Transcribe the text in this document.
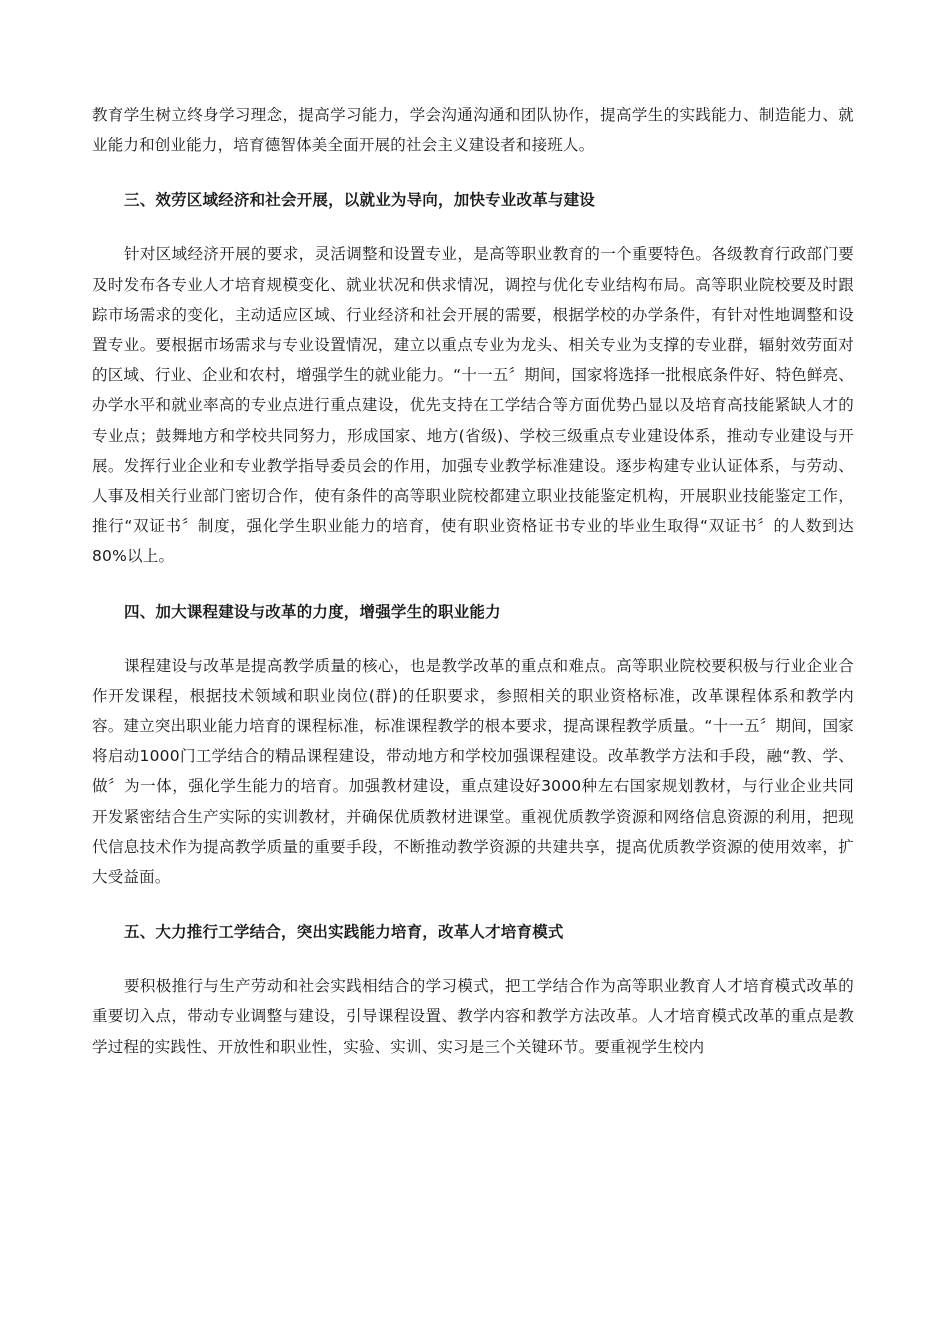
教育学生树立终身学习理念，提高学习能力，学会沟通沟通和团队协作，提高学生的实践能力、制造能力、就业能力和创业能力，培育德智体美全面开展的社会主义建设者和接班人。

三、效劳区域经济和社会开展，以就业为导向，加快专业改革与建设

针对区域经济开展的要求，灵活调整和设置专业，是高等职业教育的一个重要特色。各级教育行政部门要及时发布各专业人才培育规模变化、就业状况和供求情况，调控与优化专业结构布局。高等职业院校要及时跟踪市场需求的变化，主动适应区域、行业经济和社会开展的需要，根据学校的办学条件，有针对性地调整和设置专业。要根据市场需求与专业设置情况，建立以重点专业为龙头、相关专业为支撑的专业群，辐射效劳面对的区域、行业、企业和农村，增强学生的就业能力。“十一五〞期间，国家将选择一批根底条件好、特色鲜亮、办学水平和就业率高的专业点进行重点建设，优先支持在工学结合等方面优势凸显以及培育高技能紧缺人才的专业点；鼓舞地方和学校共同努力，形成国家、地方(省级)、学校三级重点专业建设体系，推动专业建设与开展。发挥行业企业和专业教学指导委员会的作用，加强专业教学标准建设。逐步构建专业认证体系，与劳动、人事及相关行业部门密切合作，使有条件的高等职业院校都建立职业技能鉴定机构，开展职业技能鉴定工作，推行“双证书〞制度，强化学生职业能力的培育，使有职业资格证书专业的毕业生取得“双证书〞的人数到达80%以上。

四、加大课程建设与改革的力度，增强学生的职业能力

课程建设与改革是提高教学质量的核心，也是教学改革的重点和难点。高等职业院校要积极与行业企业合作开发课程，根据技术领域和职业岗位(群)的任职要求，参照相关的职业资格标准，改革课程体系和教学内容。建立突出职业能力培育的课程标准，标准课程教学的根本要求，提高课程教学质量。“十一五〞期间，国家将启动1000门工学结合的精品课程建设，带动地方和学校加强课程建设。改革教学方法和手段，融“教、学、做〞为一体，强化学生能力的培育。加强教材建设，重点建设好3000种左右国家规划教材，与行业企业共同开发紧密结合生产实际的实训教材，并确保优质教材进课堂。重视优质教学资源和网络信息资源的利用，把现代信息技术作为提高教学质量的重要手段，不断推动教学资源的共建共享，提高优质教学资源的使用效率，扩大受益面。

五、大力推行工学结合，突出实践能力培育，改革人才培育模式

要积极推行与生产劳动和社会实践相结合的学习模式，把工学结合作为高等职业教育人才培育模式改革的重要切入点，带动专业调整与建设，引导课程设置、教学内容和教学方法改革。人才培育模式改革的重点是教学过程的实践性、开放性和职业性，实验、实训、实习是三个关键环节。要重视学生校内
